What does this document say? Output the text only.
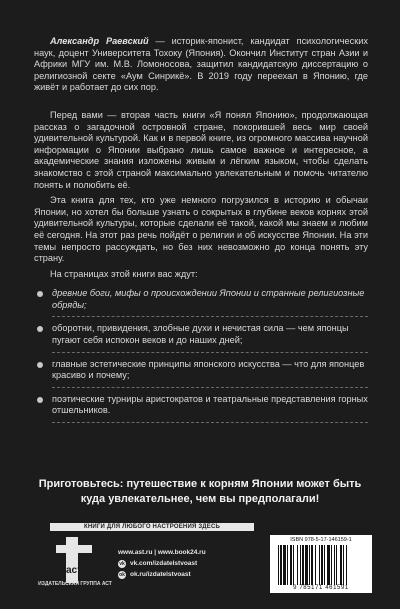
Александр Раевский — историк-японист, кандидат психологических наук, доцент Университета Тохоку (Япония). Окончил Институт стран Азии и Африки МГУ им. М.В. Ломоносова, защитил кандидатскую диссертацию о религиозной секте «Аум Синрикё». В 2019 году переехал в Японию, где живёт и работает до сих пор.

Перед вами — вторая часть книги «Я понял Японию», продолжающая рассказ о загадочной островной стране, покорившей весь мир своей удивительной культурой. Как и в первой книге, из огромного массива научной информации о Японии выбрано лишь самое важное и интересное, а академические знания изложены живым и лёгким языком, чтобы сделать знакомство с этой страной максимально увлекательным и помочь читателю понять и полюбить её.

Эта книга для тех, кто уже немного погрузился в историю и обычаи Японии, но хотел бы больше узнать о сокрытых в глубине веков корнях этой удивительной культуры, которые сделали её такой, какой мы знаем и любим её сегодня. На этот раз речь пойдёт о религии и об искусстве Японии. На эти темы непросто рассуждать, но без них невозможно до конца понять эту страну.

На страницах этой книги вас ждут:

древние боги, мифы о происхождении Японии и странные религиозные обряды;
оборотни, привидения, злобные духи и нечистая сила — чем японцы пугают себя испокон веков и до наших дней;
главные эстетические принципы японского искусства — что для японцев красиво и почему;
поэтические турниры аристократов и театральные представления горных отшельников.
Приготовьтесь: путешествие к корням Японии может быть куда увлекательнее, чем вы предполагали!
КНИГИ ДЛЯ ЛЮБОГО НАСТРОЕНИЯ ЗДЕСЬ
аст
ИЗДАТЕЛЬСКАЯ ГРУППА АСТ
www.ast.ru | www.book24.ru
vk vk.com/izdatelstvoast
ok ok.ru/izdatelstvoast
ISBN 978-5-17-146159-1
9 785171 461591
